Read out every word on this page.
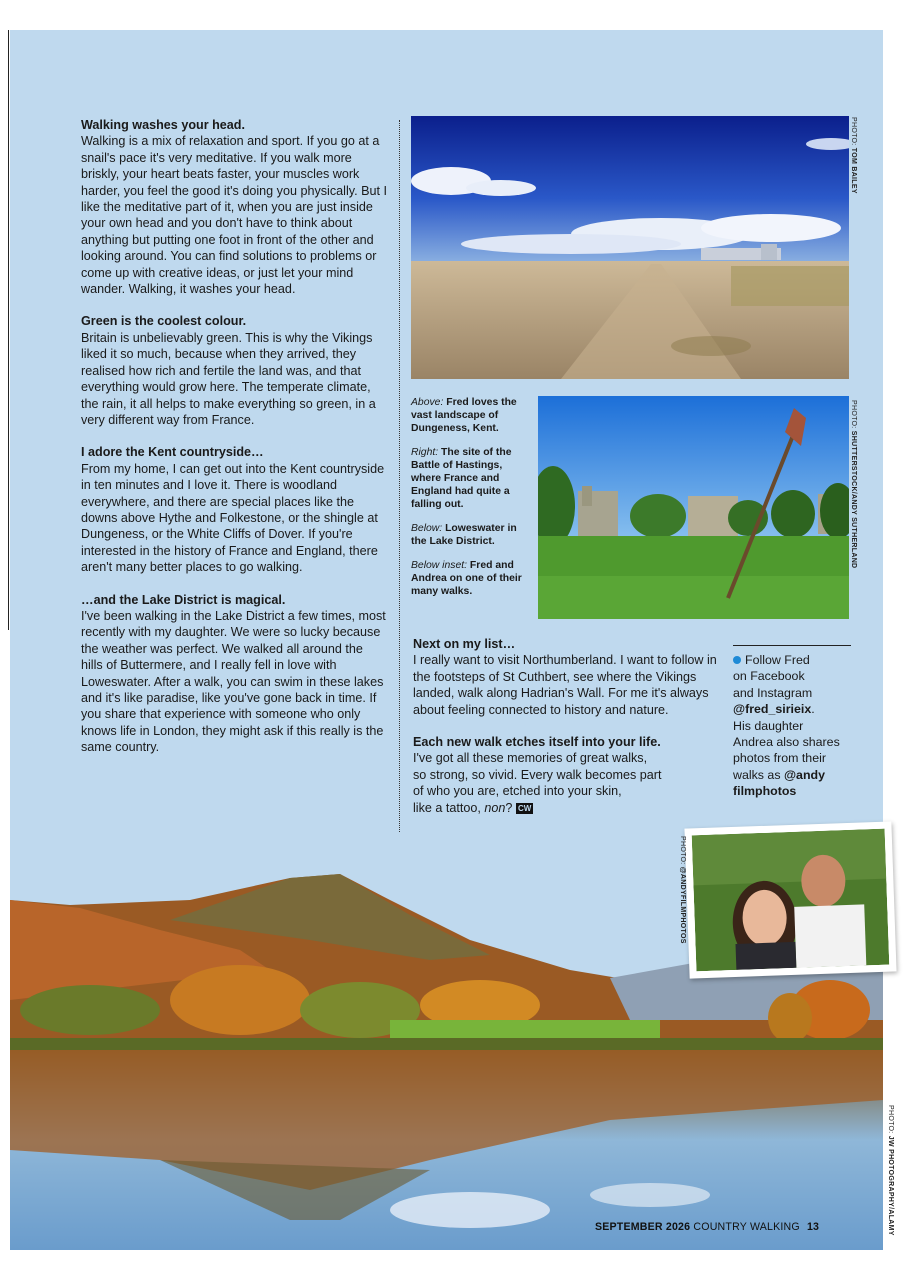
Walking washes your head.

Walking is a mix of relaxation and sport. If you go at a snail's pace it's very meditative. If you walk more briskly, your heart beats faster, your muscles work harder, you feel the good it's doing you physically. But I like the meditative part of it, when you are just inside your own head and you don't have to think about anything but putting one foot in front of the other and looking around. You can find solutions to problems or come up with creative ideas, or just let your mind wander. Walking, it washes your head.

Green is the coolest colour.

Britain is unbelievably green. This is why the Vikings liked it so much, because when they arrived, they realised how rich and fertile the land was, and that everything would grow here. The temperate climate, the rain, it all helps to make everything so green, in a very different way from France.

I adore the Kent countryside…

From my home, I can get out into the Kent countryside in ten minutes and I love it. There is woodland everywhere, and there are special places like the downs above Hythe and Folkestone, or the shingle at Dungeness, or the White Cliffs of Dover. If you're interested in the history of France and England, there aren't many better places to go walking.

…and the Lake District is magical.

I've been walking in the Lake District a few times, most recently with my daughter. We were so lucky because the weather was perfect. We walked all around the hills of Buttermere, and I really fell in love with Loweswater. After a walk, you can swim in these lakes and it's like paradise, like you've gone back in time. If you share that experience with someone who only knows life in London, they might ask if this really is the same country.

PHOTO: TOM BAILEY
Above: Fred loves the vast landscape of Dungeness, Kent.
Right: The site of the Battle of Hastings, where France and England had quite a falling out.
Below: Loweswater in the Lake District.
Below inset: Fred and Andrea on one of their many walks.
PHOTO: SHUTTERSTOCK/ANDY SUTHERLAND
Next on my list…

I really want to visit Northumberland. I want to follow in the footsteps of St Cuthbert, see where the Vikings landed, walk along Hadrian's Wall. For me it's always about feeling connected to history and nature.

Each new walk etches itself into your life.
I've got all these memories of great walks,
so strong, so vivid. Every walk becomes part
of who you are, etched into your skin,
like a tattoo, non? CW
Follow Fred
on Facebook
and Instagram
@fred_sirieix.
His daughter
Andrea also shares
photos from their
walks as @andy
filmphotos
PHOTO: JW PHOTOGRAPHY/ALAMY
PHOTO: @ANDYFILMPHOTOS
SEPTEMBER 2026 COUNTRY WALKING 13
